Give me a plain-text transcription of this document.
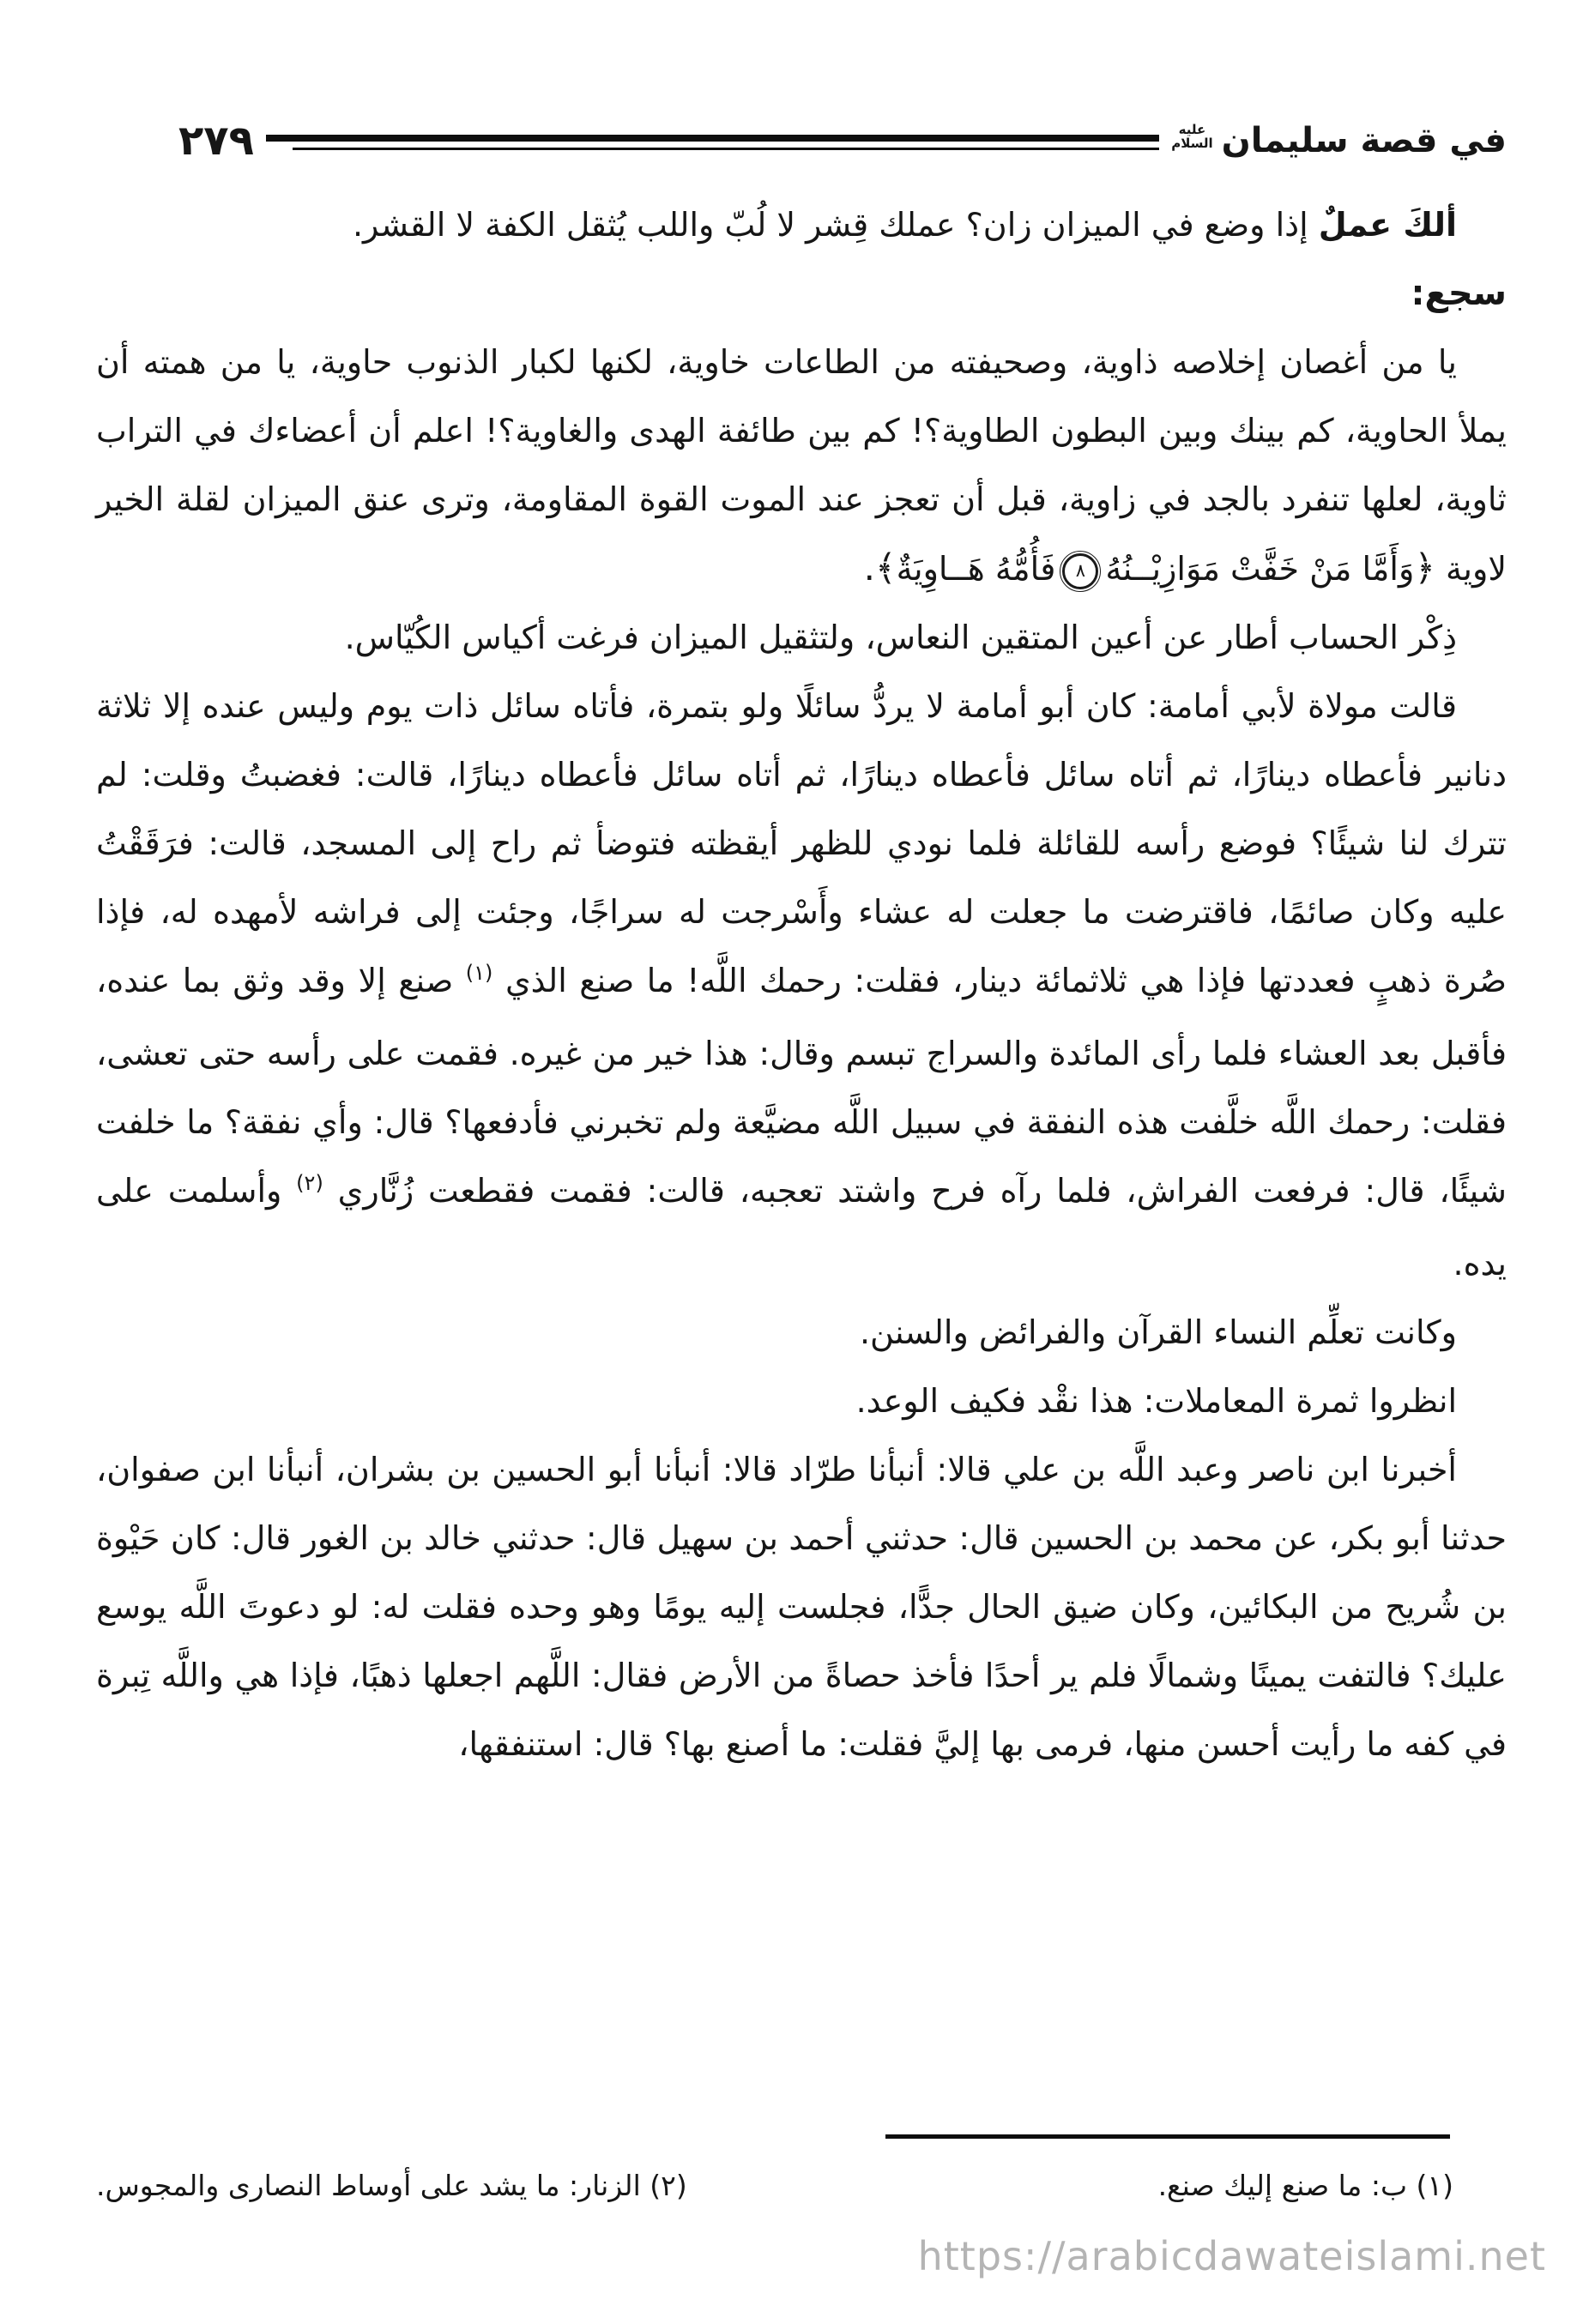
في قصة سليمان
عليه
السلام
٢٧٩

ألكَ عملٌ إذا وضع في الميزان زان؟ عملك قِشر لا لُبّ واللب يُثقل الكفة لا القشر.

سجع:

يا من أغصان إخلاصه ذاوية، وصحيفته من الطاعات خاوية، لكنها لكبار الذنوب حاوية، يا من همته أن يملأ الحاوية، كم بينك وبين البطون الطاوية؟! كم بين طائفة الهدى والغاوية؟! اعلم أن أعضاءك في التراب ثاوية، لعلها تنفرد بالجد في زاوية، قبل أن تعجز عند الموت القوة المقاومة، وترى عنق الميزان لقلة الخير لاوية ﴿وَأَمَّا مَنْ خَفَّتْ مَوَازِيْــنُهُ
٨
فَأُمُّهُ هَــاوِيَةٌ﴾.

ذِكْر الحساب أطار عن أعين المتقين النعاس، ولتثقيل الميزان فرغت أكياس الكُيّاس.

قالت مولاة لأبي أمامة: كان أبو أمامة لا يردُّ سائلًا ولو بتمرة، فأتاه سائل ذات يوم وليس عنده إلا ثلاثة دنانير فأعطاه دينارًا، ثم أتاه سائل فأعطاه دينارًا، ثم أتاه سائل فأعطاه دينارًا، قالت: فغضبتُ وقلت: لم تترك لنا شيئًا؟ فوضع رأسه للقائلة فلما نودي للظهر أيقظته فتوضأ ثم راح إلى المسجد، قالت: فرَقَقْتُ عليه وكان صائمًا، فاقترضت ما جعلت له عشاء وأَسْرجت له سراجًا، وجئت إلى فراشه لأمهده له، فإذا صُرة ذهبٍ فعددتها فإذا هي ثلاثمائة دينار، فقلت: رحمك اللَّه! ما صنع الذي $^{(١)}$ صنع إلا وقد وثق بما عنده، فأقبل بعد العشاء فلما رأى المائدة والسراج تبسم وقال: هذا خير من غيره. فقمت على رأسه حتى تعشى، فقلت: رحمك اللَّه خلَّفت هذه النفقة في سبيل اللَّه مضيَّعة ولم تخبرني فأدفعها؟ قال: وأي نفقة؟ ما خلفت شيئًا، قال: فرفعت الفراش، فلما رآه فرح واشتد تعجبه، قالت: فقمت فقطعت زُنَّاري $^{(٢)}$ وأسلمت على يده.

وكانت تعلِّم النساء القرآن والفرائض والسنن.

انظروا ثمرة المعاملات: هذا نقْد فكيف الوعد.

أخبرنا ابن ناصر وعبد اللَّه بن علي قالا: أنبأنا طرّاد قالا: أنبأنا أبو الحسين بن بشران، أنبأنا ابن صفوان، حدثنا أبو بكر، عن محمد بن الحسين قال: حدثني أحمد بن سهيل قال: حدثني خالد بن الغور قال: كان حَيْوة بن شُريح من البكائين، وكان ضيق الحال جدًّا، فجلست إليه يومًا وهو وحده فقلت له: لو دعوتَ اللَّه يوسع عليك؟ فالتفت يمينًا وشمالًا فلم ير أحدًا فأخذ حصاةً من الأرض فقال: اللَّهم اجعلها ذهبًا، فإذا هي واللَّه تِبرة في كفه ما رأيت أحسن منها، فرمى بها إليَّ فقلت: ما أصنع بها؟ قال: استنفقها،

(١) ب: ما صنع إليك صنع.
(٢) الزنار: ما يشد على أوساط النصارى والمجوس.
https://arabicdawateislami.net
